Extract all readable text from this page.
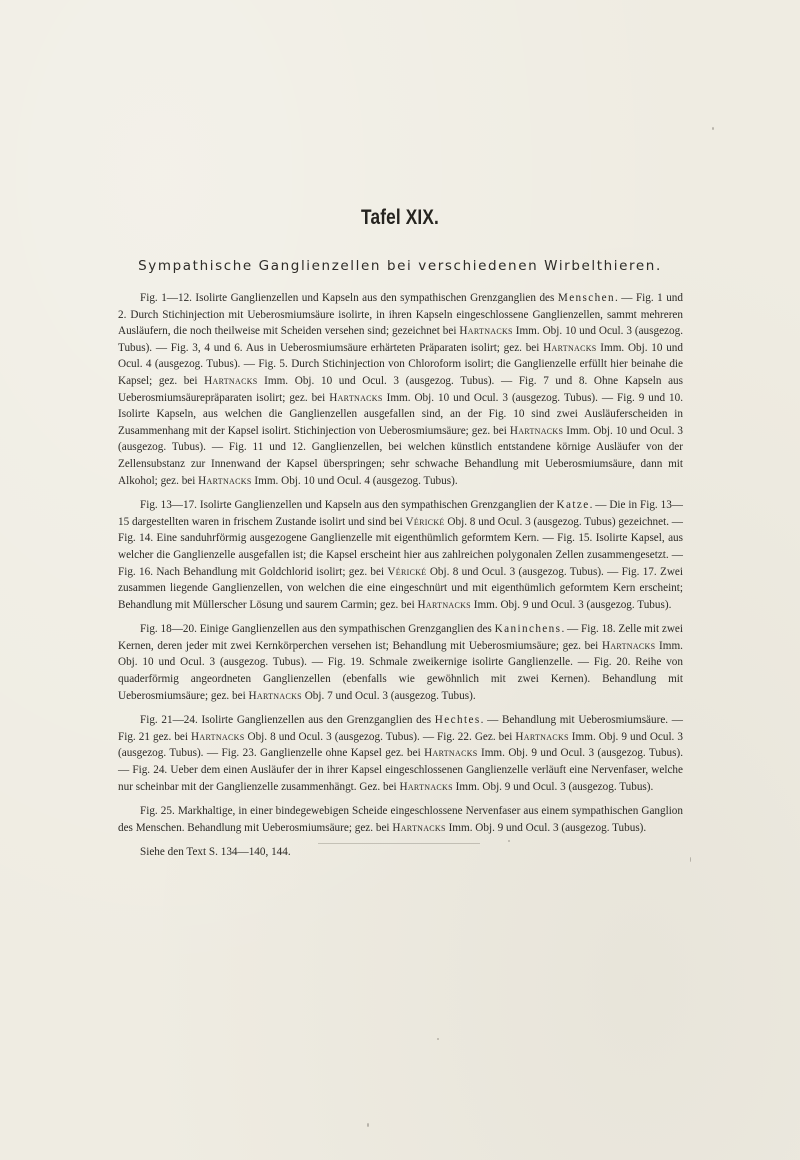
Tafel XIX.
Sympathische Ganglienzellen bei verschiedenen Wirbelthieren.

Fig. 1—12. Isolirte Ganglienzellen und Kapseln aus den sympathischen Grenzganglien des Menschen. — Fig. 1 und 2. Durch Stichinjection mit Ueberosmiumsäure isolirte, in ihren Kapseln eingeschlossene Ganglienzellen, sammt mehreren Ausläufern, die noch theilweise mit Scheiden versehen sind; gezeichnet bei Hartnacks Imm. Obj. 10 und Ocul. 3 (ausgezog. Tubus). — Fig. 3, 4 und 6. Aus in Ueberosmiumsäure erhärteten Präparaten isolirt; gez. bei Hartnacks Imm. Obj. 10 und Ocul. 4 (ausgezog. Tubus). — Fig. 5. Durch Stichinjection von Chloroform isolirt; die Ganglienzelle erfüllt hier beinahe die Kapsel; gez. bei Hartnacks Imm. Obj. 10 und Ocul. 3 (ausgezog. Tubus). — Fig. 7 und 8. Ohne Kapseln aus Ueberosmiumsäurepräparaten isolirt; gez. bei Hartnacks Imm. Obj. 10 und Ocul. 3 (ausgezog. Tubus). — Fig. 9 und 10. Isolirte Kapseln, aus welchen die Ganglienzellen ausgefallen sind, an der Fig. 10 sind zwei Ausläuferscheiden in Zusammenhang mit der Kapsel isolirt. Stichinjection von Ueberosmiumsäure; gez. bei Hartnacks Imm. Obj. 10 und Ocul. 3 (ausgezog. Tubus). — Fig. 11 und 12. Ganglienzellen, bei welchen künstlich entstandene körnige Ausläufer von der Zellensubstanz zur Innenwand der Kapsel überspringen; sehr schwache Behandlung mit Ueberosmiumsäure, dann mit Alkohol; gez. bei Hartnacks Imm. Obj. 10 und Ocul. 4 (ausgezog. Tubus).

Fig. 13—17. Isolirte Ganglienzellen und Kapseln aus den sympathischen Grenzganglien der Katze. — Die in Fig. 13—15 dargestellten waren in frischem Zustande isolirt und sind bei Vérické Obj. 8 und Ocul. 3 (ausgezog. Tubus) gezeichnet. — Fig. 14. Eine sanduhrförmig ausgezogene Ganglienzelle mit eigenthümlich geformtem Kern. — Fig. 15. Isolirte Kapsel, aus welcher die Ganglienzelle ausgefallen ist; die Kapsel erscheint hier aus zahlreichen polygonalen Zellen zusammengesetzt. — Fig. 16. Nach Behandlung mit Goldchlorid isolirt; gez. bei Vérické Obj. 8 und Ocul. 3 (ausgezog. Tubus). — Fig. 17. Zwei zusammen liegende Ganglienzellen, von welchen die eine eingeschnürt und mit eigenthümlich geformtem Kern erscheint; Behandlung mit Müllerscher Lösung und saurem Carmin; gez. bei Hartnacks Imm. Obj. 9 und Ocul. 3 (ausgezog. Tubus).

Fig. 18—20. Einige Ganglienzellen aus den sympathischen Grenzganglien des Kaninchens. — Fig. 18. Zelle mit zwei Kernen, deren jeder mit zwei Kernkörperchen versehen ist; Behandlung mit Ueberosmiumsäure; gez. bei Hartnacks Imm. Obj. 10 und Ocul. 3 (ausgezog. Tubus). — Fig. 19. Schmale zweikernige isolirte Ganglienzelle. — Fig. 20. Reihe von quaderförmig angeordneten Ganglienzellen (ebenfalls wie gewöhnlich mit zwei Kernen). Behandlung mit Ueberosmiumsäure; gez. bei Hartnacks Obj. 7 und Ocul. 3 (ausgezog. Tubus).

Fig. 21—24. Isolirte Ganglienzellen aus den Grenzganglien des Hechtes. — Behandlung mit Ueberosmiumsäure. — Fig. 21 gez. bei Hartnacks Obj. 8 und Ocul. 3 (ausgezog. Tubus). — Fig. 22. Gez. bei Hartnacks Imm. Obj. 9 und Ocul. 3 (ausgezog. Tubus). — Fig. 23. Ganglienzelle ohne Kapsel gez. bei Hartnacks Imm. Obj. 9 und Ocul. 3 (ausgezog. Tubus). — Fig. 24. Ueber dem einen Ausläufer der in ihrer Kapsel eingeschlossenen Ganglienzelle verläuft eine Nervenfaser, welche nur scheinbar mit der Ganglienzelle zusammenhängt. Gez. bei Hartnacks Imm. Obj. 9 und Ocul. 3 (ausgezog. Tubus).

Fig. 25. Markhaltige, in einer bindegewebigen Scheide eingeschlossene Nervenfaser aus einem sympathischen Ganglion des Menschen. Behandlung mit Ueberosmiumsäure; gez. bei Hartnacks Imm. Obj. 9 und Ocul. 3 (ausgezog. Tubus).

Siehe den Text S. 134—140, 144.
